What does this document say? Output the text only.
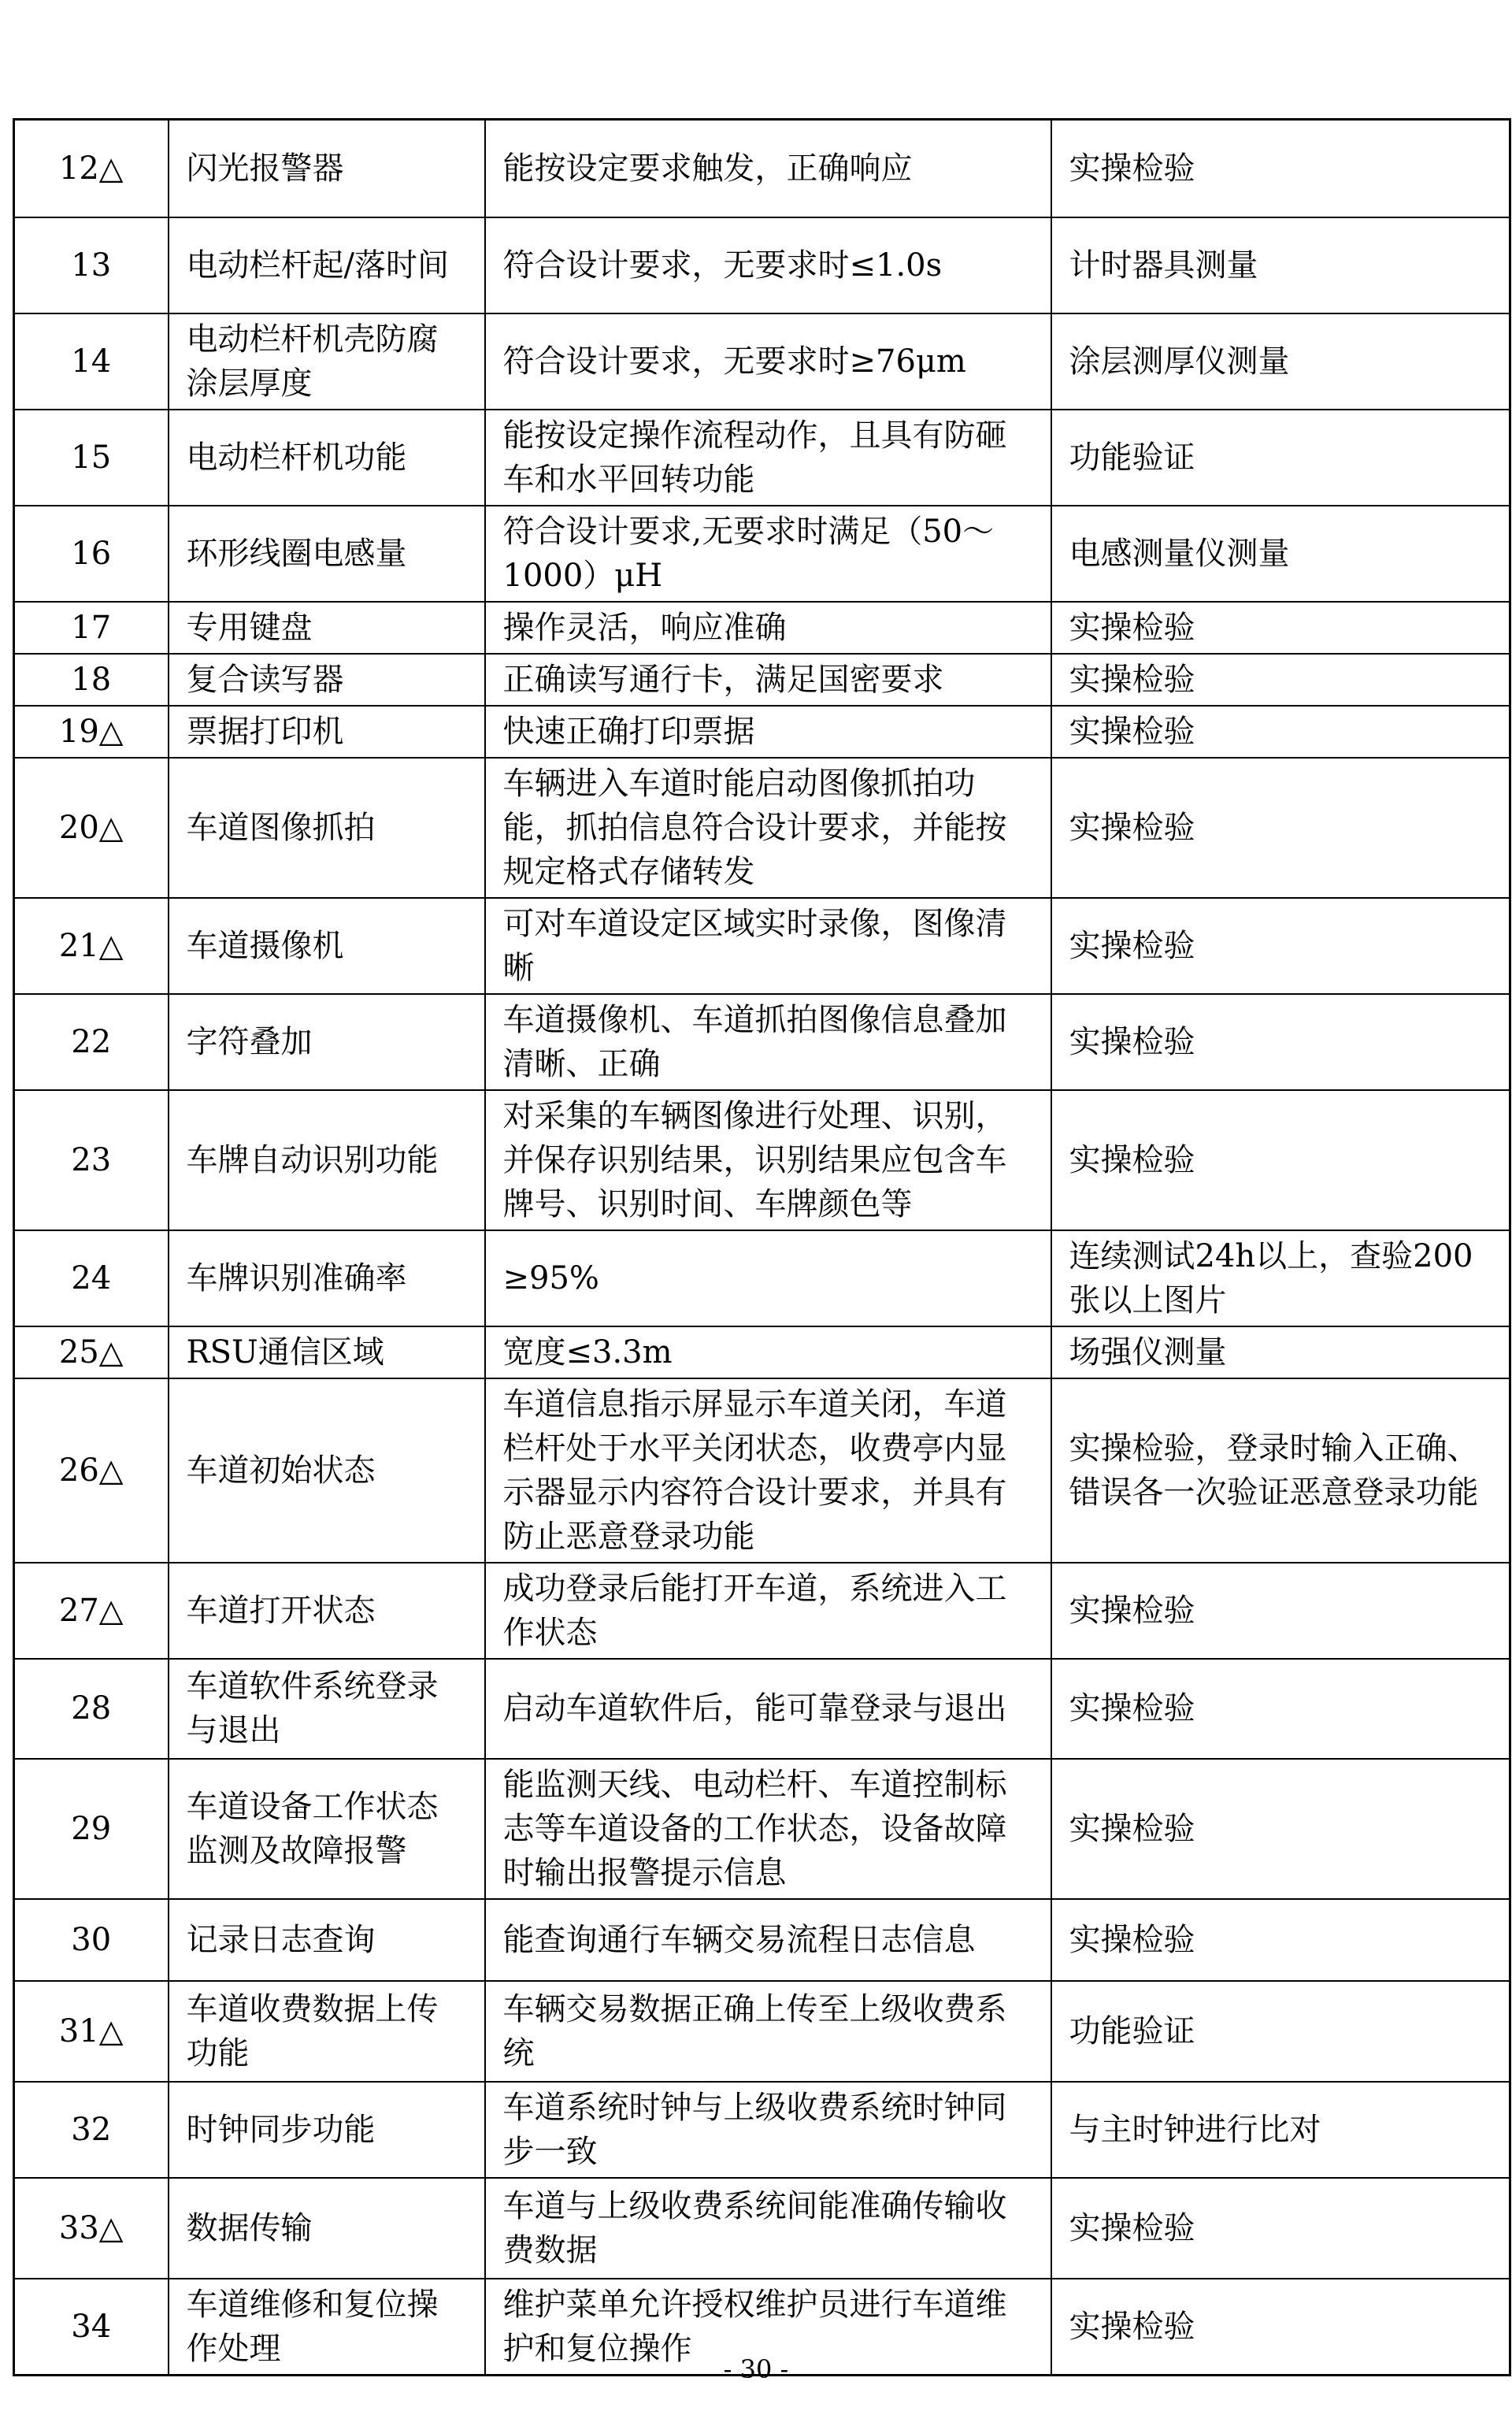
12△	闪光报警器	能按设定要求触发，正确响应	实操检验
13	电动栏杆起/落时间	符合设计要求，无要求时≤1.0s	计时器具测量
14	电动栏杆机壳防腐涂层厚度	符合设计要求，无要求时≥76μm	涂层测厚仪测量
15	电动栏杆机功能	能按设定操作流程动作，且具有防砸车和水平回转功能	功能验证
16	环形线圈电感量	符合设计要求,无要求时满足（50～1000）μH	电感测量仪测量
17	专用键盘	操作灵活，响应准确	实操检验
18	复合读写器	正确读写通行卡，满足国密要求	实操检验
19△	票据打印机	快速正确打印票据	实操检验
20△	车道图像抓拍	车辆进入车道时能启动图像抓拍功能，抓拍信息符合设计要求，并能按规定格式存储转发	实操检验
21△	车道摄像机	可对车道设定区域实时录像，图像清晰	实操检验
22	字符叠加	车道摄像机、车道抓拍图像信息叠加清晰、正确	实操检验
23	车牌自动识别功能	对采集的车辆图像进行处理、识别，并保存识别结果，识别结果应包含车牌号、识别时间、车牌颜色等	实操检验
24	车牌识别准确率	≥95%	连续测试24h以上，查验200张以上图片
25△	RSU通信区域	宽度≤3.3m	场强仪测量
26△	车道初始状态	车道信息指示屏显示车道关闭，车道栏杆处于水平关闭状态，收费亭内显示器显示内容符合设计要求，并具有防止恶意登录功能	实操检验，登录时输入正确、错误各一次验证恶意登录功能
27△	车道打开状态	成功登录后能打开车道，系统进入工作状态	实操检验
28	车道软件系统登录与退出	启动车道软件后，能可靠登录与退出	实操检验
29	车道设备工作状态监测及故障报警	能监测天线、电动栏杆、车道控制标志等车道设备的工作状态，设备故障时输出报警提示信息	实操检验
30	记录日志查询	能查询通行车辆交易流程日志信息	实操检验
31△	车道收费数据上传功能	车辆交易数据正确上传至上级收费系统	功能验证
32	时钟同步功能	车道系统时钟与上级收费系统时钟同步一致	与主时钟进行比对
33△	数据传输	车道与上级收费系统间能准确传输收费数据	实操检验
34	车道维修和复位操作处理	维护菜单允许授权维护员进行车道维护和复位操作	实操检验
- 30 -
